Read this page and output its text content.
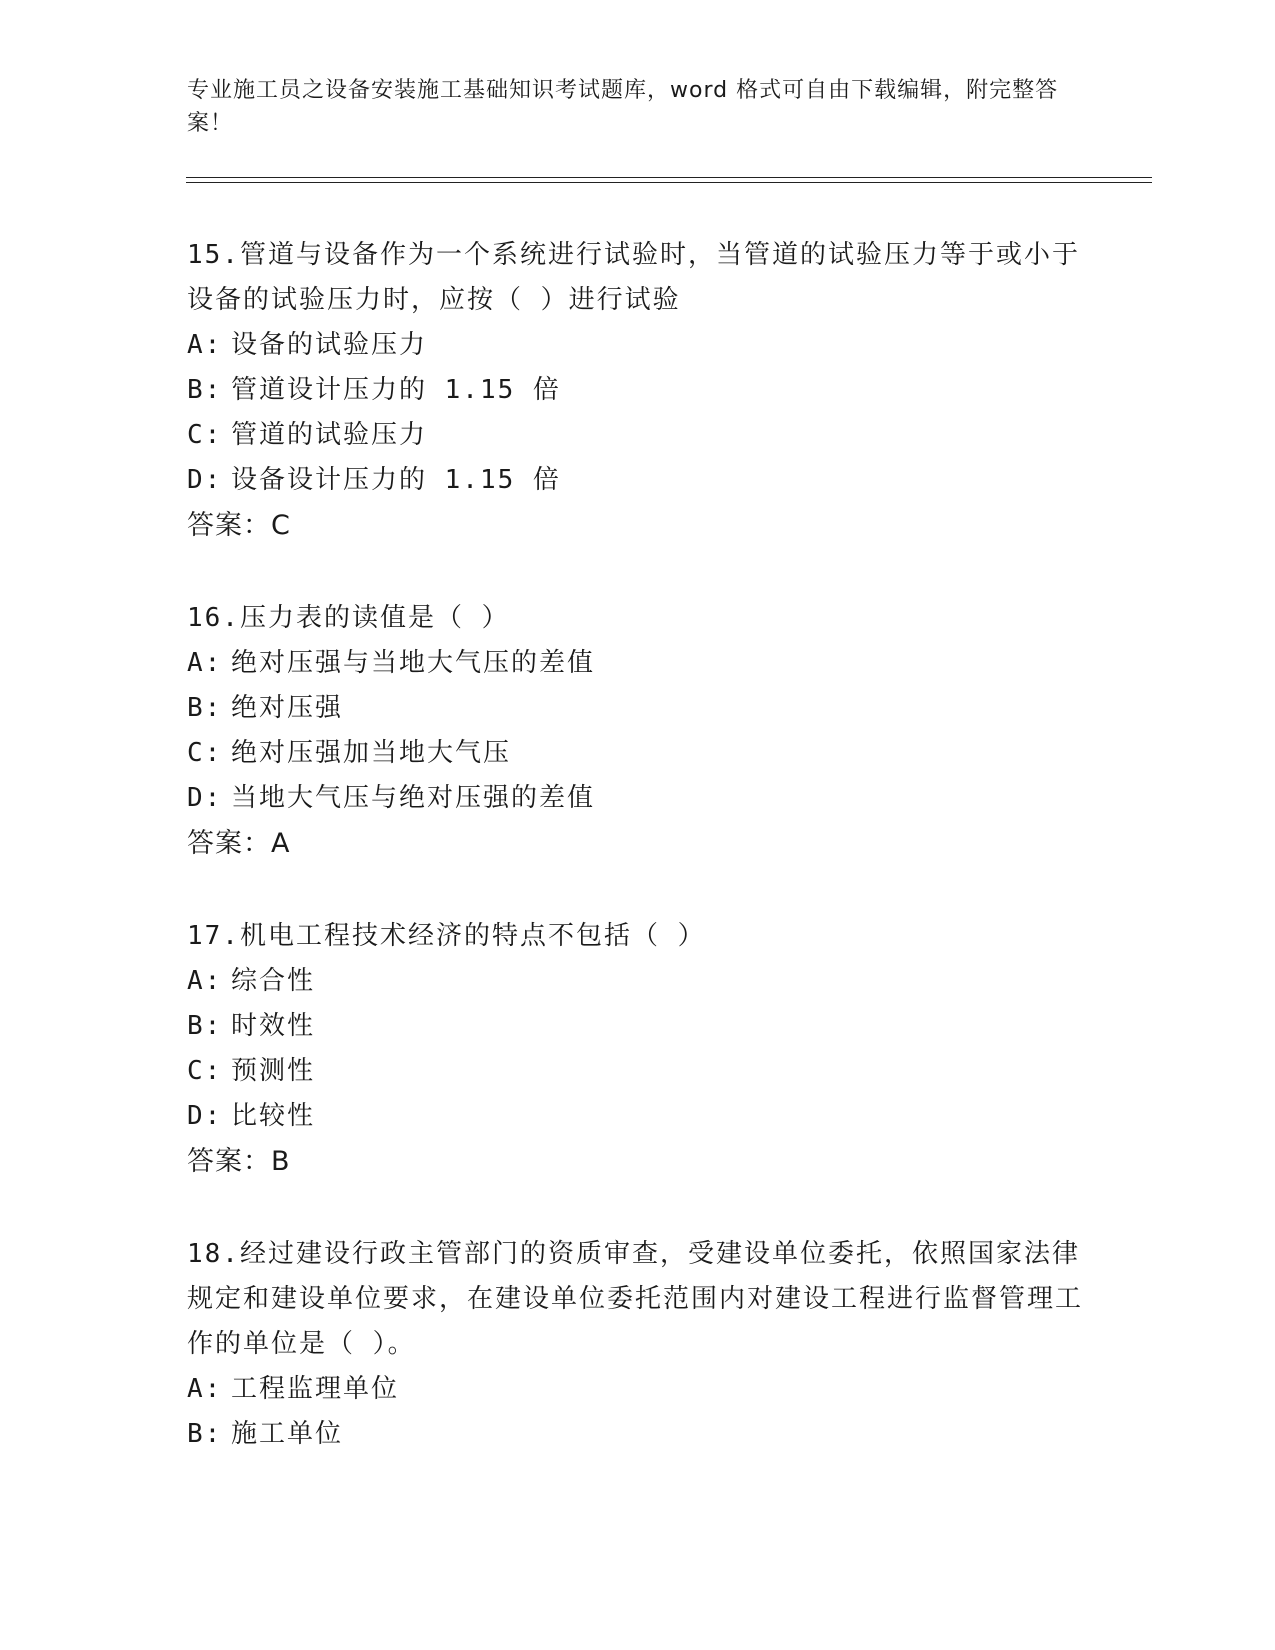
专业施工员之设备安装施工基础知识考试题库，word 格式可自由下载编辑，附完整答案！
15.管道与设备作为一个系统进行试验时，当管道的试验压力等于或小于设备的试验压力时，应按（ ）进行试验
A: 设备的试验压力
B: 管道设计压力的 1.15 倍
C: 管道的试验压力
D: 设备设计压力的 1.15 倍
答案：C
16.压力表的读值是（ ）
A: 绝对压强与当地大气压的差值
B: 绝对压强
C: 绝对压强加当地大气压
D: 当地大气压与绝对压强的差值
答案：A
17.机电工程技术经济的特点不包括（ ）
A: 综合性
B: 时效性
C: 预测性
D: 比较性
答案：B
18.经过建设行政主管部门的资质审查，受建设单位委托，依照国家法律规定和建设单位要求，在建设单位委托范围内对建设工程进行监督管理工作的单位是（ ）。
A: 工程监理单位
B: 施工单位
